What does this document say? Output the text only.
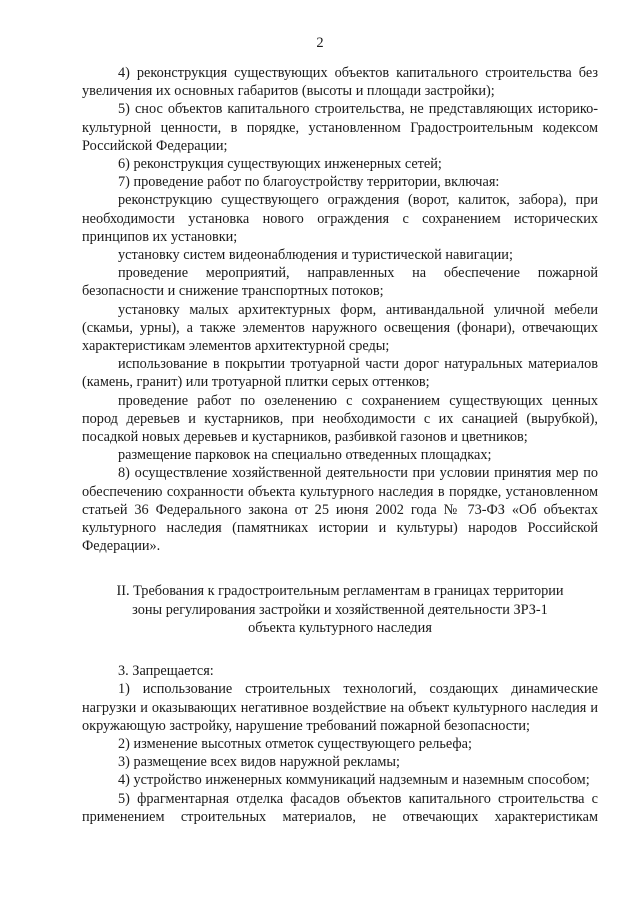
2

4) реконструкция существующих объектов капитального строительства без увеличения их основных габаритов (высоты и площади застройки);

5) снос объектов капитального строительства, не представляющих историко-культурной ценности, в порядке, установленном Градостроительным кодексом Российской Федерации;

6) реконструкция существующих инженерных сетей;

7) проведение работ по благоустройству территории, включая:

реконструкцию существующего ограждения (ворот, калиток, забора), при необходимости установка нового ограждения с сохранением исторических принципов их установки;

установку систем видеонаблюдения и туристической навигации;

проведение мероприятий, направленных на обеспечение пожарной безопасности и снижение транспортных потоков;

установку малых архитектурных форм, антивандальной уличной мебели (скамьи, урны), а также элементов наружного освещения (фонари), отвечающих характеристикам элементов архитектурной среды;

использование в покрытии тротуарной части дорог натуральных материалов (камень, гранит) или тротуарной плитки серых оттенков;

проведение работ по озеленению с сохранением существующих ценных пород деревьев и кустарников, при необходимости с их санацией (вырубкой), посадкой новых деревьев и кустарников, разбивкой газонов и цветников;

размещение парковок на специально отведенных площадках;

8) осуществление хозяйственной деятельности при условии принятия мер по обеспечению сохранности объекта культурного наследия в порядке, установленном статьей 36 Федерального закона от 25 июня 2002 года № 73-ФЗ «Об объектах культурного наследия (памятниках истории и культуры) народов Российской Федерации».

II. Требования к градостроительным регламентам в границах территории
зоны регулирования застройки и хозяйственной деятельности ЗРЗ-1
объекта культурного наследия

3. Запрещается:

1) использование строительных технологий, создающих динамические нагрузки и оказывающих негативное воздействие на объект культурного наследия и окружающую застройку, нарушение требований пожарной безопасности;

2) изменение высотных отметок существующего рельефа;

3) размещение всех видов наружной рекламы;

4) устройство инженерных коммуникаций надземным и наземным способом;

5) фрагментарная отделка фасадов объектов капитального строительства с применением строительных материалов, не отвечающих характеристикам
